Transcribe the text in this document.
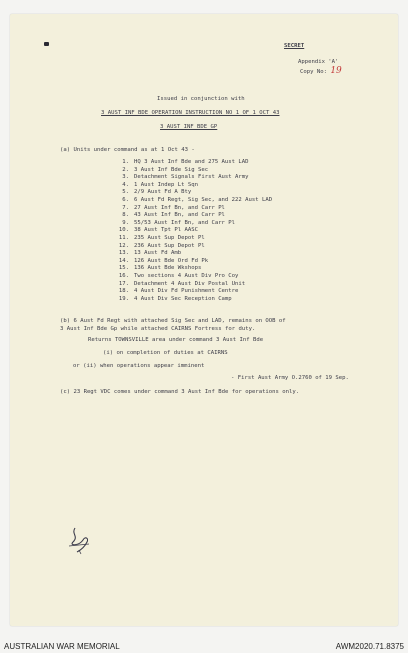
SECRET
Appendix 'A'
Copy No: 19
Issued in conjunction with
3 AUST INF BDE OPERATION INSTRUCTION NO 1 OF 1 OCT 43
3 AUST INF BDE GP
(a) Units under command as at 1 Oct 43 -
1. HQ 3 Aust Inf Bde and 275 Aust LAD
2. 3 Aust Inf Bde Sig Sec
3. Detachment Signals First Aust Army
4. 1 Aust Indep Lt Sqn
5. 2/9 Aust Fd A Bty
6. 6 Aust Fd Regt, Sig Sec, and 222 Aust LAD
7. 27 Aust Inf Bn, and Carr Pl
8. 43 Aust Inf Bn, and Carr Pl
9. 55/53 Aust Inf Bn, and Carr Pl
10. 38 Aust Tpt Pl AASC
11. 235 Aust Sup Depot Pl
12. 236 Aust Sup Depot Pl
13. 13 Aust Fd Amb
14. 126 Aust Bde Ord Fd Pk
15. 136 Aust Bde Wkshops
16. Two sections 4 Aust Div Pro Coy
17. Detachment 4 Aust Div Postal Unit
18. 4 Aust Div Fd Punishment Centre
19. 4 Aust Div Sec Reception Camp
(b) 6 Aust Fd Regt with attached Sig Sec and LAD, remains on OOB of
3 Aust Inf Bde Gp while attached CAIRNS Fortress for duty.
Returns TOWNSVILLE area under command 3 Aust Inf Bde
(i) on completion of duties at CAIRNS
or (ii) when operations appear imminent
- First Aust Army O.2760 of 19 Sep.
(c) 23 Regt VDC comes under command 3 Aust Inf Bde for operations only.
AUSTRALIAN WAR MEMORIAL	AWM2020.71.8375
